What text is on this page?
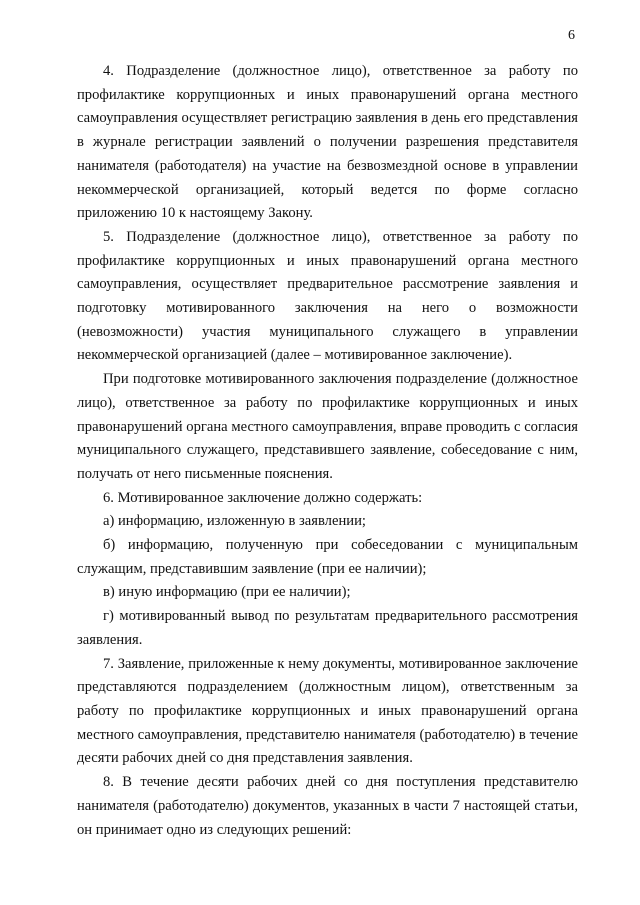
6

4. Подразделение (должностное лицо), ответственное за работу по профилактике коррупционных и иных правонарушений органа местного самоуправления осуществляет регистрацию заявления в день его представления в журнале регистрации заявлений о получении разрешения представителя нанимателя (работодателя) на участие на безвозмездной основе в управлении некоммерческой организацией, который ведется по форме согласно приложению 10 к настоящему Закону.

5. Подразделение (должностное лицо), ответственное за работу по профилактике коррупционных и иных правонарушений органа местного самоуправления, осуществляет предварительное рассмотрение заявления и подготовку мотивированного заключения на него о возможности (невозможности) участия муниципального служащего в управлении некоммерческой организацией (далее – мотивированное заключение).

При подготовке мотивированного заключения подразделение (должностное лицо), ответственное за работу по профилактике коррупционных и иных правонарушений органа местного самоуправления, вправе проводить с согласия муниципального служащего, представившего заявление, собеседование с ним, получать от него письменные пояснения.

6. Мотивированное заключение должно содержать:

а) информацию, изложенную в заявлении;

б) информацию, полученную при собеседовании с муниципальным служащим, представившим заявление (при ее наличии);

в) иную информацию (при ее наличии);

г) мотивированный вывод по результатам предварительного рассмотрения заявления.

7. Заявление, приложенные к нему документы, мотивированное заключение представляются подразделением (должностным лицом), ответственным за работу по профилактике коррупционных и иных правонарушений органа местного самоуправления, представителю нанимателя (работодателю) в течение десяти рабочих дней со дня представления заявления.

8. В течение десяти рабочих дней со дня поступления представителю нанимателя (работодателю) документов, указанных в части 7 настоящей статьи, он принимает одно из следующих решений:
